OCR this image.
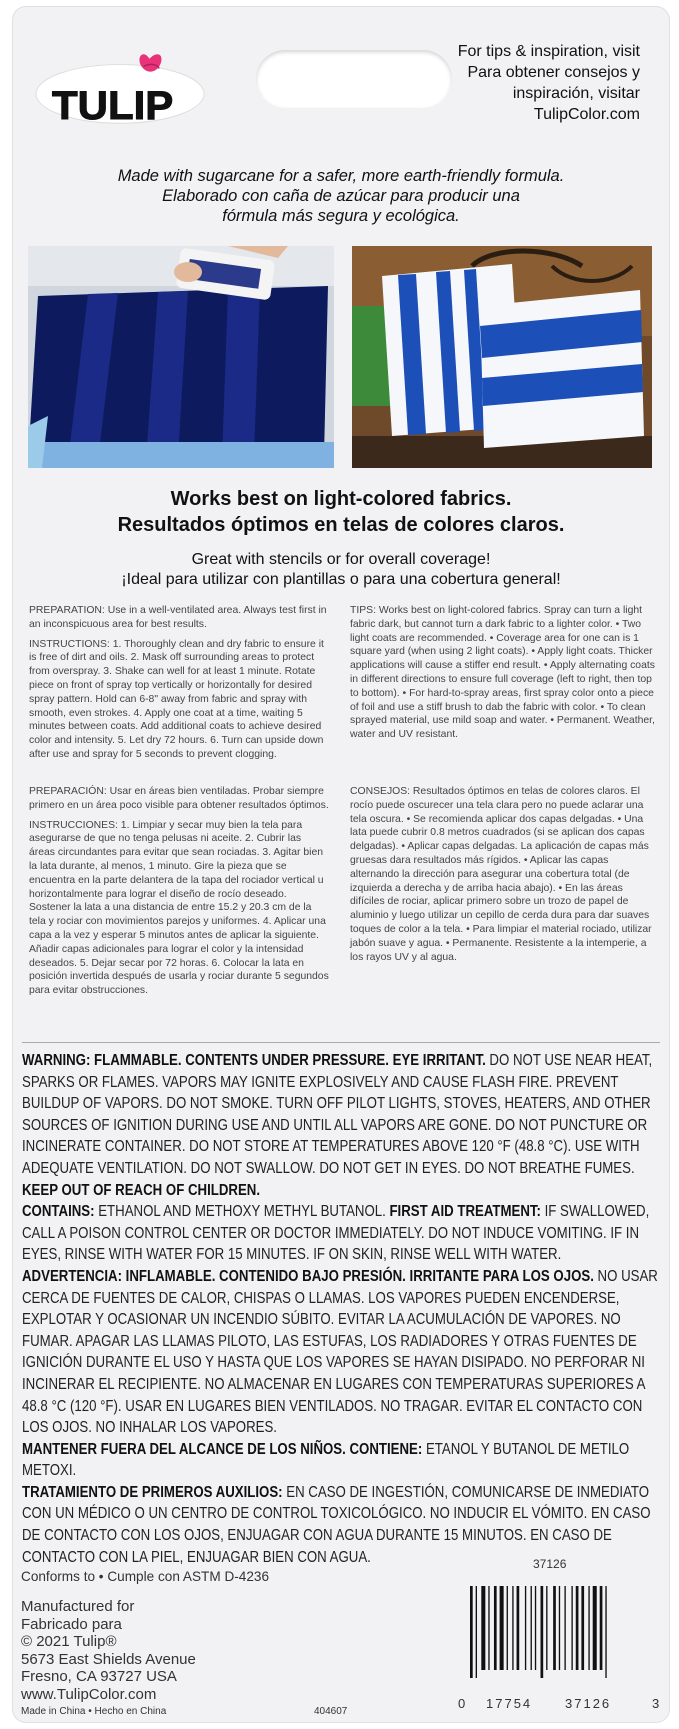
TULIP
For tips & inspiration, visit
Para obtener consejos y
inspiración, visitar
TulipColor.com
Made with sugarcane for a safer, more earth-friendly formula.
Elaborado con caña de azúcar para producir una
fórmula más segura y ecológica.
Works best on light-colored fabrics.
Resultados óptimos en telas de colores claros.
Great with stencils or for overall coverage!
¡Ideal para utilizar con plantillas o para una cobertura general!

PREPARATION: Use in a well-ventilated area. Always test first in an inconspicuous area for best results.

INSTRUCTIONS: 1. Thoroughly clean and dry fabric to ensure it is free of dirt and oils. 2. Mask off surrounding areas to protect from overspray. 3. Shake can well for at least 1 minute. Rotate piece on front of spray top vertically or horizontally for desired spray pattern. Hold can 6-8" away from fabric and spray with smooth, even strokes. 4. Apply one coat at a time, waiting 5 minutes between coats. Add additional coats to achieve desired color and intensity. 5. Let dry 72 hours. 6. Turn can upside down after use and spray for 5 seconds to prevent clogging.

TIPS: Works best on light-colored fabrics. Spray can turn a light fabric dark, but cannot turn a dark fabric to a lighter color. • Two light coats are recommended. • Coverage area for one can is 1 square yard (when using 2 light coats). • Apply light coats. Thicker applications will cause a stiffer end result. • Apply alternating coats in different directions to ensure full coverage (left to right, then top to bottom). • For hard-to-spray areas, first spray color onto a piece of foil and use a stiff brush to dab the fabric with color. • To clean sprayed material, use mild soap and water. • Permanent. Weather, water and UV resistant.

PREPARACIÓN: Usar en áreas bien ventiladas. Probar siempre primero en un área poco visible para obtener resultados óptimos.

INSTRUCCIONES: 1. Limpiar y secar muy bien la tela para asegurarse de que no tenga pelusas ni aceite. 2. Cubrir las áreas circundantes para evitar que sean rociadas. 3. Agitar bien la lata durante, al menos, 1 minuto. Gire la pieza que se encuentra en la parte delantera de la tapa del rociador vertical u horizontalmente para lograr el diseño de rocío deseado. Sostener la lata a una distancia de entre 15.2 y 20.3 cm de la tela y rociar con movimientos parejos y uniformes. 4. Aplicar una capa a la vez y esperar 5 minutos antes de aplicar la siguiente. Añadir capas adicionales para lograr el color y la intensidad deseados. 5. Dejar secar por 72 horas. 6. Colocar la lata en posición invertida después de usarla y rociar durante 5 segundos para evitar obstrucciones.

CONSEJOS: Resultados óptimos en telas de colores claros. El rocío puede oscurecer una tela clara pero no puede aclarar una tela oscura. • Se recomienda aplicar dos capas delgadas. • Una lata puede cubrir 0.8 metros cuadrados (si se aplican dos capas delgadas). • Aplicar capas delgadas. La aplicación de capas más gruesas dara resultados más rígidos. • Aplicar las capas alternando la dirección para asegurar una cobertura total (de izquierda a derecha y de arriba hacia abajo). • En las áreas difíciles de rociar, aplicar primero sobre un trozo de papel de aluminio y luego utilizar un cepillo de cerda dura para dar suaves toques de color a la tela. • Para limpiar el material rociado, utilizar jabón suave y agua. • Permanente. Resistente a la intemperie, a los rayos UV y al agua.

WARNING: FLAMMABLE. CONTENTS UNDER PRESSURE. EYE IRRITANT. DO NOT USE NEAR HEAT, SPARKS OR FLAMES. VAPORS MAY IGNITE EXPLOSIVELY AND CAUSE FLASH FIRE. PREVENT BUILDUP OF VAPORS. DO NOT SMOKE. TURN OFF PILOT LIGHTS, STOVES, HEATERS, AND OTHER SOURCES OF IGNITION DURING USE AND UNTIL ALL VAPORS ARE GONE. DO NOT PUNCTURE OR INCINERATE CONTAINER. DO NOT STORE AT TEMPERATURES ABOVE 120 °F (48.8 °C). USE WITH ADEQUATE VENTILATION. DO NOT SWALLOW. DO NOT GET IN EYES. DO NOT BREATHE FUMES. KEEP OUT OF REACH OF CHILDREN.

CONTAINS: ETHANOL AND METHOXY METHYL BUTANOL. FIRST AID TREATMENT: IF SWALLOWED, CALL A POISON CONTROL CENTER OR DOCTOR IMMEDIATELY. DO NOT INDUCE VOMITING. IF IN EYES, RINSE WITH WATER FOR 15 MINUTES. IF ON SKIN, RINSE WELL WITH WATER.

ADVERTENCIA: INFLAMABLE. CONTENIDO BAJO PRESIÓN. IRRITANTE PARA LOS OJOS. NO USAR CERCA DE FUENTES DE CALOR, CHISPAS O LLAMAS. LOS VAPORES PUEDEN ENCENDERSE, EXPLOTAR Y OCASIONAR UN INCENDIO SÚBITO. EVITAR LA ACUMULACIÓN DE VAPORES. NO FUMAR. APAGAR LAS LLAMAS PILOTO, LAS ESTUFAS, LOS RADIADORES Y OTRAS FUENTES DE IGNICIÓN DURANTE EL USO Y HASTA QUE LOS VAPORES SE HAYAN DISIPADO. NO PERFORAR NI INCINERAR EL RECIPIENTE. NO ALMACENAR EN LUGARES CON TEMPERATURAS SUPERIORES A 48.8 °C (120 °F). USAR EN LUGARES BIEN VENTILADOS. NO TRAGAR. EVITAR EL CONTACTO CON LOS OJOS. NO INHALAR LOS VAPORES.

MANTENER FUERA DEL ALCANCE DE LOS NIÑOS. CONTIENE: ETANOL Y BUTANOL DE METILO METOXI.

TRATAMIENTO DE PRIMEROS AUXILIOS: EN CASO DE INGESTIÓN, COMUNICARSE DE INMEDIATO CON UN MÉDICO O UN CENTRO DE CONTROL TOXICOLÓGICO. NO INDUCIR EL VÓMITO. EN CASO DE CONTACTO CON LOS OJOS, ENJUAGAR CON AGUA DURANTE 15 MINUTOS. EN CASO DE CONTACTO CON LA PIEL, ENJUAGAR BIEN CON AGUA.

Conforms to • Cumple con ASTM D-4236
37126
Manufactured for
Fabricado para
© 2021 Tulip®
5673 East Shields Avenue
Fresno, CA 93727 USA
www.TulipColor.com
Made in China • Hecho en China	404607
0 17754	37126	3
